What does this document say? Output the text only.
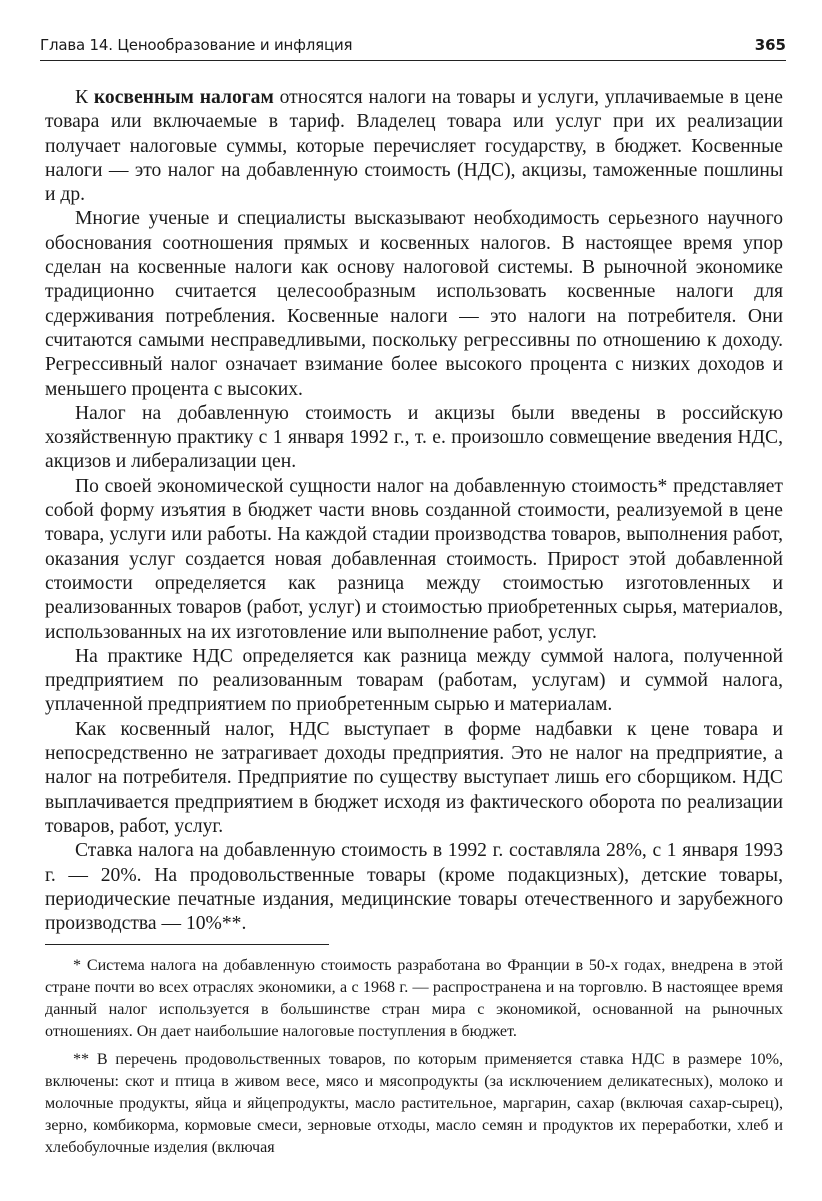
Глава 14. Ценообразование и инфляция	365

К косвенным налогам относятся налоги на товары и услуги, уплачиваемые в цене товара или включаемые в тариф. Владелец товара или услуг при их реализации получает налоговые суммы, которые перечисляет государству, в бюджет. Косвенные налоги — это налог на добавленную стоимость (НДС), акцизы, таможенные пошлины и др.

Многие ученые и специалисты высказывают необходимость серьезного научного обоснования соотношения прямых и косвенных налогов. В настоящее время упор сделан на косвенные налоги как основу налоговой системы. В рыночной экономике традиционно считается целесообразным использовать косвенные налоги для сдерживания потребления. Косвенные налоги — это налоги на потребителя. Они считаются самыми несправедливыми, поскольку регрессивны по отношению к доходу. Регрессивный налог означает взимание более высокого процента с низких доходов и меньшего процента с высоких.

Налог на добавленную стоимость и акцизы были введены в российскую хозяйственную практику с 1 января 1992 г., т. е. произошло совмещение введения НДС, акцизов и либерализации цен.

По своей экономической сущности налог на добавленную стоимость* представляет собой форму изъятия в бюджет части вновь созданной стоимости, реализуемой в цене товара, услуги или работы. На каждой стадии производства товаров, выполнения работ, оказания услуг создается новая добавленная стоимость. Прирост этой добавленной стоимости определяется как разница между стоимостью изготовленных и реализованных товаров (работ, услуг) и стоимостью приобретенных сырья, материалов, использованных на их изготовление или выполнение работ, услуг.

На практике НДС определяется как разница между суммой налога, полученной предприятием по реализованным товарам (работам, услугам) и суммой налога, уплаченной предприятием по приобретенным сырью и материалам.

Как косвенный налог, НДС выступает в форме надбавки к цене товара и непосредственно не затрагивает доходы предприятия. Это не налог на предприятие, а налог на потребителя. Предприятие по существу выступает лишь его сборщиком. НДС выплачивается предприятием в бюджет исходя из фактического оборота по реализации товаров, работ, услуг.

Ставка налога на добавленную стоимость в 1992 г. составляла 28%, с 1 января 1993 г. — 20%. На продовольственные товары (кроме подакцизных), детские товары, периодические печатные издания, медицинские товары отечественного и зарубежного производства — 10%**.

* Система налога на добавленную стоимость разработана во Франции в 50-х годах, внедрена в этой стране почти во всех отраслях экономики, а с 1968 г. — распространена и на торговлю. В настоящее время данный налог используется в большинстве стран мира с экономикой, основанной на рыночных отношениях. Он дает наибольшие налоговые поступления в бюджет.

** В перечень продовольственных товаров, по которым применяется ставка НДС в размере 10%, включены: скот и птица в живом весе, мясо и мясопродукты (за исключением деликатесных), молоко и молочные продукты, яйца и яйцепродукты, масло растительное, маргарин, сахар (включая сахар-сырец), зерно, комбикорма, кормовые смеси, зерновые отходы, масло семян и продуктов их переработки, хлеб и хлебобулочные изделия (включая
